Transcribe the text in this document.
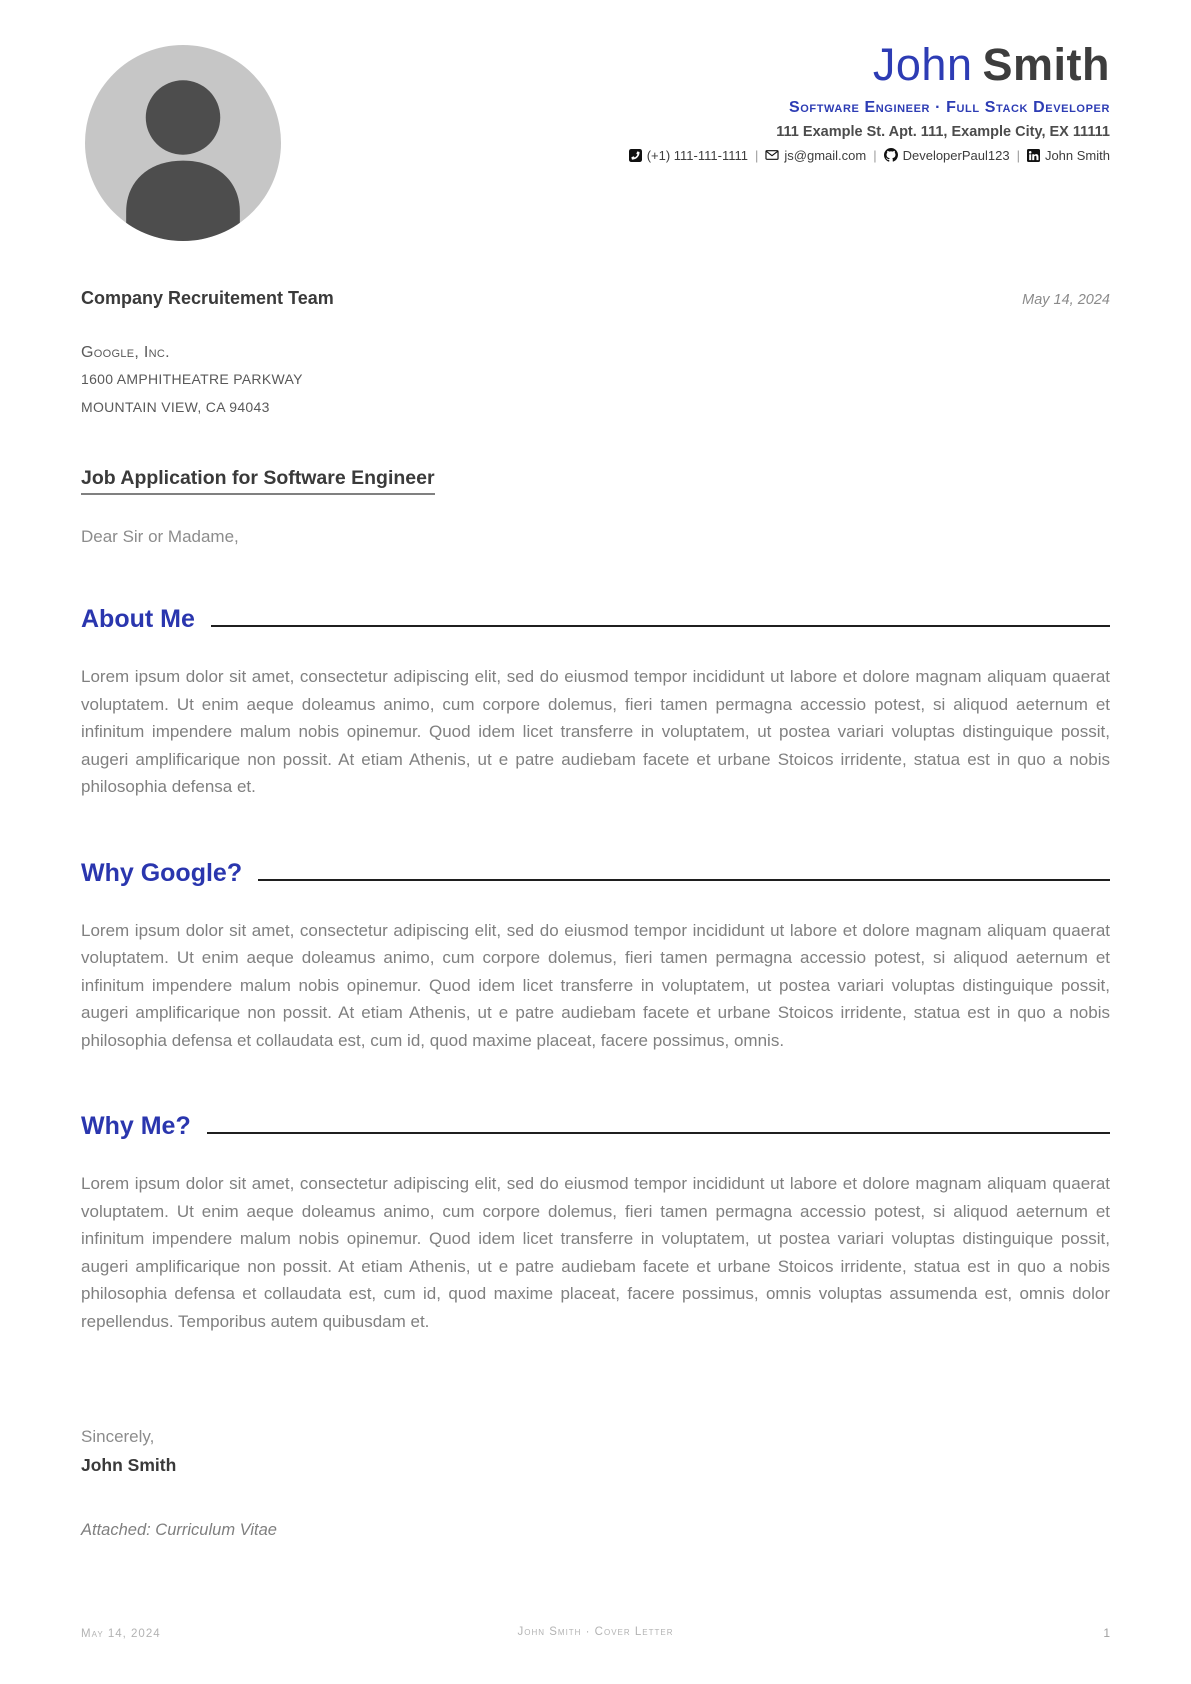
John Smith
Software Engineer · Full Stack Developer
111 Example St. Apt. 111, Example City, EX 11111
(+1) 111-111-1111 | js@gmail.com | DeveloperPaul123 | John Smith
Company Recruitement Team	May 14, 2024
Google, Inc.
1600 AMPHITHEATRE PARKWAY
MOUNTAIN VIEW, CA 94043
Job Application for Software Engineer
Dear Sir or Madame,
About Me

Lorem ipsum dolor sit amet, consectetur adipiscing elit, sed do eiusmod tempor incididunt ut labore et dolore magnam aliquam quaerat voluptatem. Ut enim aeque doleamus animo, cum corpore dolemus, fieri tamen permagna accessio potest, si aliquod aeternum et infinitum impendere malum nobis opinemur. Quod idem licet transferre in voluptatem, ut postea variari voluptas distinguique possit, augeri amplificarique non possit. At etiam Athenis, ut e patre audiebam facete et urbane Stoicos irridente, statua est in quo a nobis philosophia defensa et.

Why Google?

Lorem ipsum dolor sit amet, consectetur adipiscing elit, sed do eiusmod tempor incididunt ut labore et dolore magnam aliquam quaerat voluptatem. Ut enim aeque doleamus animo, cum corpore dolemus, fieri tamen permagna accessio potest, si aliquod aeternum et infinitum impendere malum nobis opinemur. Quod idem licet transferre in voluptatem, ut postea variari voluptas distinguique possit, augeri amplificarique non possit. At etiam Athenis, ut e patre audiebam facete et urbane Stoicos irridente, statua est in quo a nobis philosophia defensa et collaudata est, cum id, quod maxime placeat, facere possimus, omnis.

Why Me?

Lorem ipsum dolor sit amet, consectetur adipiscing elit, sed do eiusmod tempor incididunt ut labore et dolore magnam aliquam quaerat voluptatem. Ut enim aeque doleamus animo, cum corpore dolemus, fieri tamen permagna accessio potest, si aliquod aeternum et infinitum impendere malum nobis opinemur. Quod idem licet transferre in voluptatem, ut postea variari voluptas distinguique possit, augeri amplificarique non possit. At etiam Athenis, ut e patre audiebam facete et urbane Stoicos irridente, statua est in quo a nobis philosophia defensa et collaudata est, cum id, quod maxime placeat, facere possimus, omnis voluptas assumenda est, omnis dolor repellendus. Temporibus autem quibusdam et.

Sincerely,
John Smith
Attached: Curriculum Vitae
May 14, 2024	John Smith · Cover Letter	1
